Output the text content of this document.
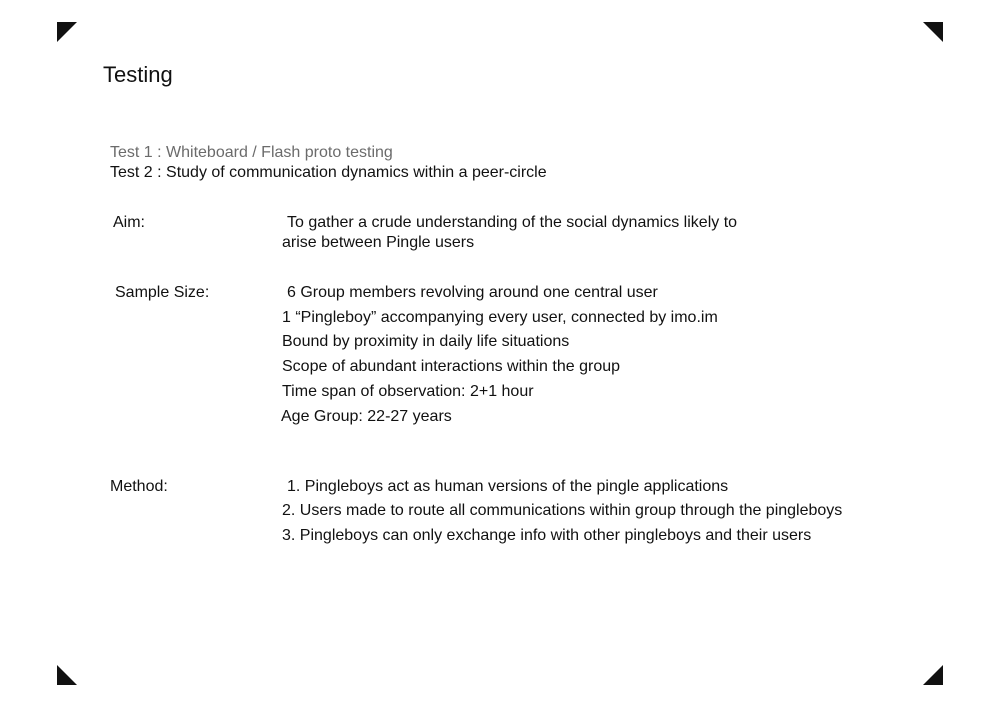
Testing
Test 1 : Whiteboard / Flash proto testing
Test 2 : Study of communication dynamics within a peer-circle
Aim:	To gather a crude understanding of the social dynamics likely to
arise between Pingle users
Sample Size:	6 Group members revolving around one central user
1 “Pingleboy” accompanying every user, connected by imo.im
Bound by proximity in daily life situations
Scope of abundant interactions within the group
Time span of observation: 2+1 hour
Age Group: 22-27 years
Method:	1. Pingleboys act as human versions of the pingle applications
2. Users made to route all communications within group through the pingleboys
3. Pingleboys can only exchange info with other pingleboys and their users
